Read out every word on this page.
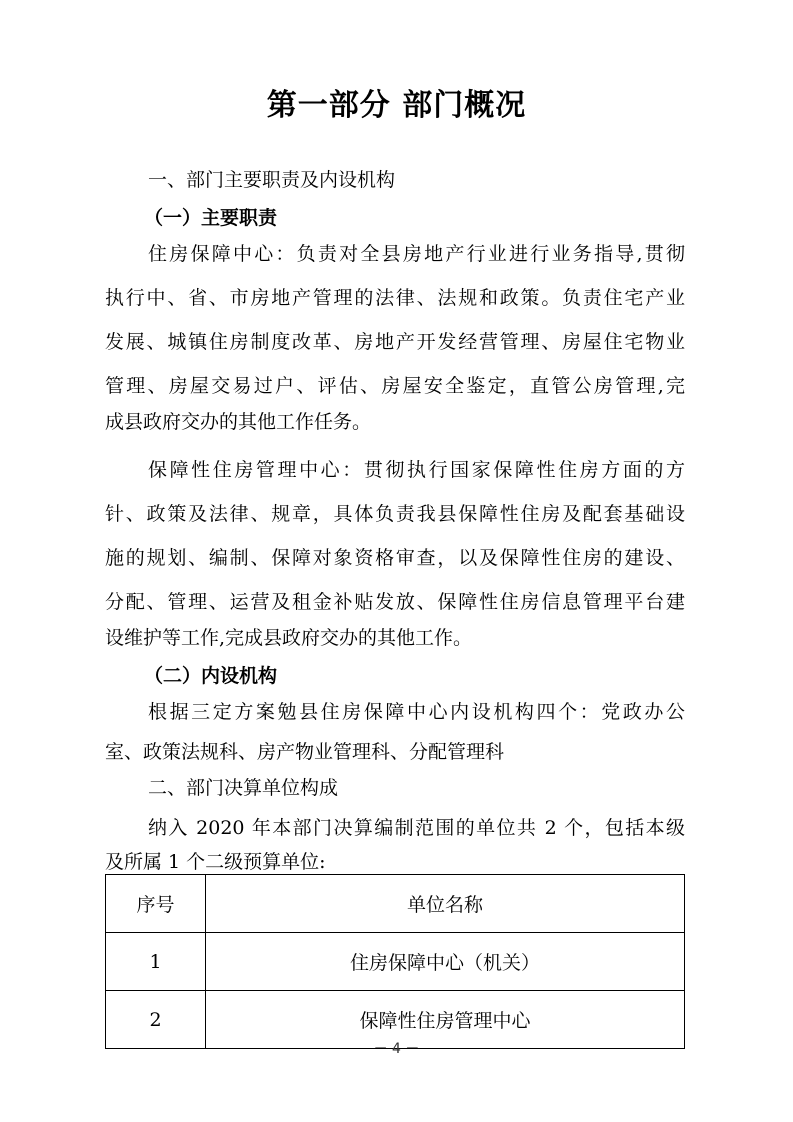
第一部分 部门概况
一、部门主要职责及内设机构
（一）主要职责
住房保障中心：负责对全县房地产行业进行业务指导,贯彻
执行中、省、市房地产管理的法律、法规和政策。负责住宅产业
发展、城镇住房制度改革、房地产开发经营管理、房屋住宅物业
管理、房屋交易过户、评估、房屋安全鉴定，直管公房管理,完
成县政府交办的其他工作任务。
保障性住房管理中心：贯彻执行国家保障性住房方面的方
针、政策及法律、规章，具体负责我县保障性住房及配套基础设
施的规划、编制、保障对象资格审查，以及保障性住房的建设、
分配、管理、运营及租金补贴发放、保障性住房信息管理平台建
设维护等工作,完成县政府交办的其他工作。
（二）内设机构
根据三定方案勉县住房保障中心内设机构四个：党政办公
室、政策法规科、房产物业管理科、分配管理科
二、部门决算单位构成
纳入 2020 年本部门决算编制范围的单位共 2 个，包括本级
及所属 1 个二级预算单位:
序号	单位名称
1	住房保障中心（机关）
2	保障性住房管理中心
－ 4 －
